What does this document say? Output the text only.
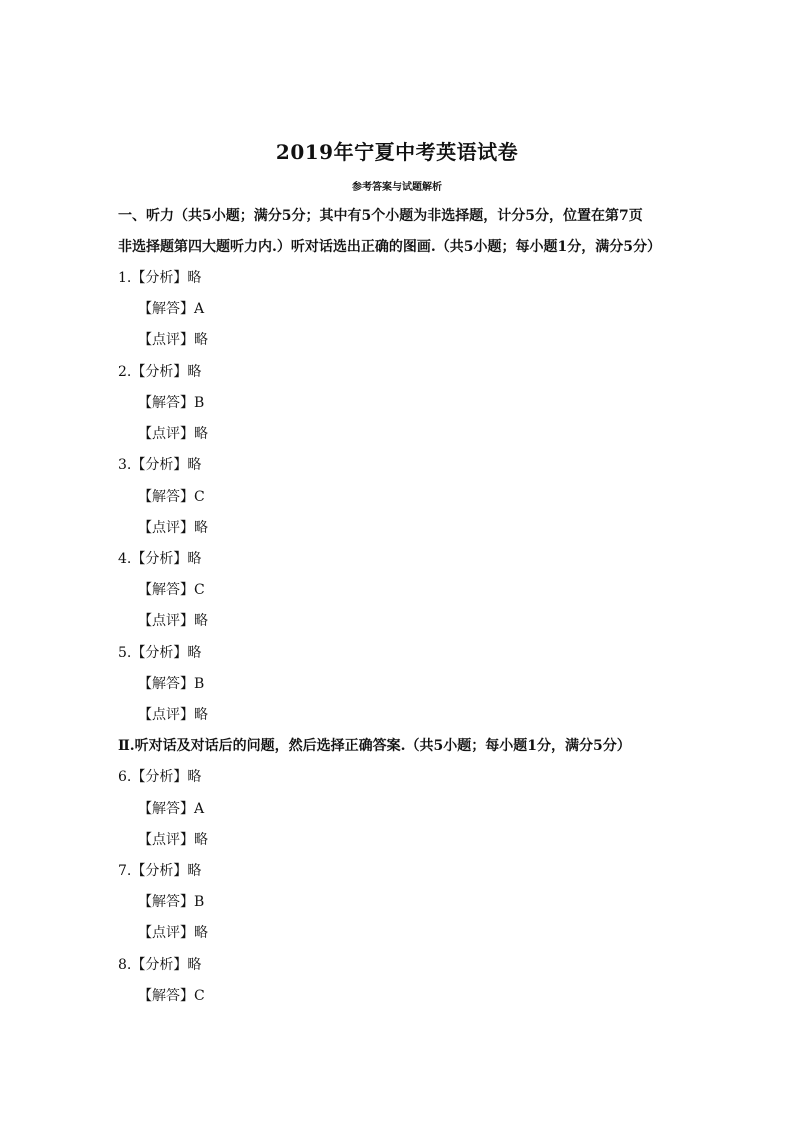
2019年宁夏中考英语试卷
参考答案与试题解析
一、听力（共5小题；满分5分；其中有5个小题为非选择题，计分5分，位置在第7页
非选择题第四大题听力内.）听对话选出正确的图画.（共5小题；每小题1分，满分5分）
1.【分析】略
【解答】A
【点评】略
2.【分析】略
【解答】B
【点评】略
3.【分析】略
【解答】C
【点评】略
4.【分析】略
【解答】C
【点评】略
5.【分析】略
【解答】B
【点评】略
Ⅱ.听对话及对话后的问题，然后选择正确答案.（共5小题；每小题1分，满分5分）
6.【分析】略
【解答】A
【点评】略
7.【分析】略
【解答】B
【点评】略
8.【分析】略
【解答】C
